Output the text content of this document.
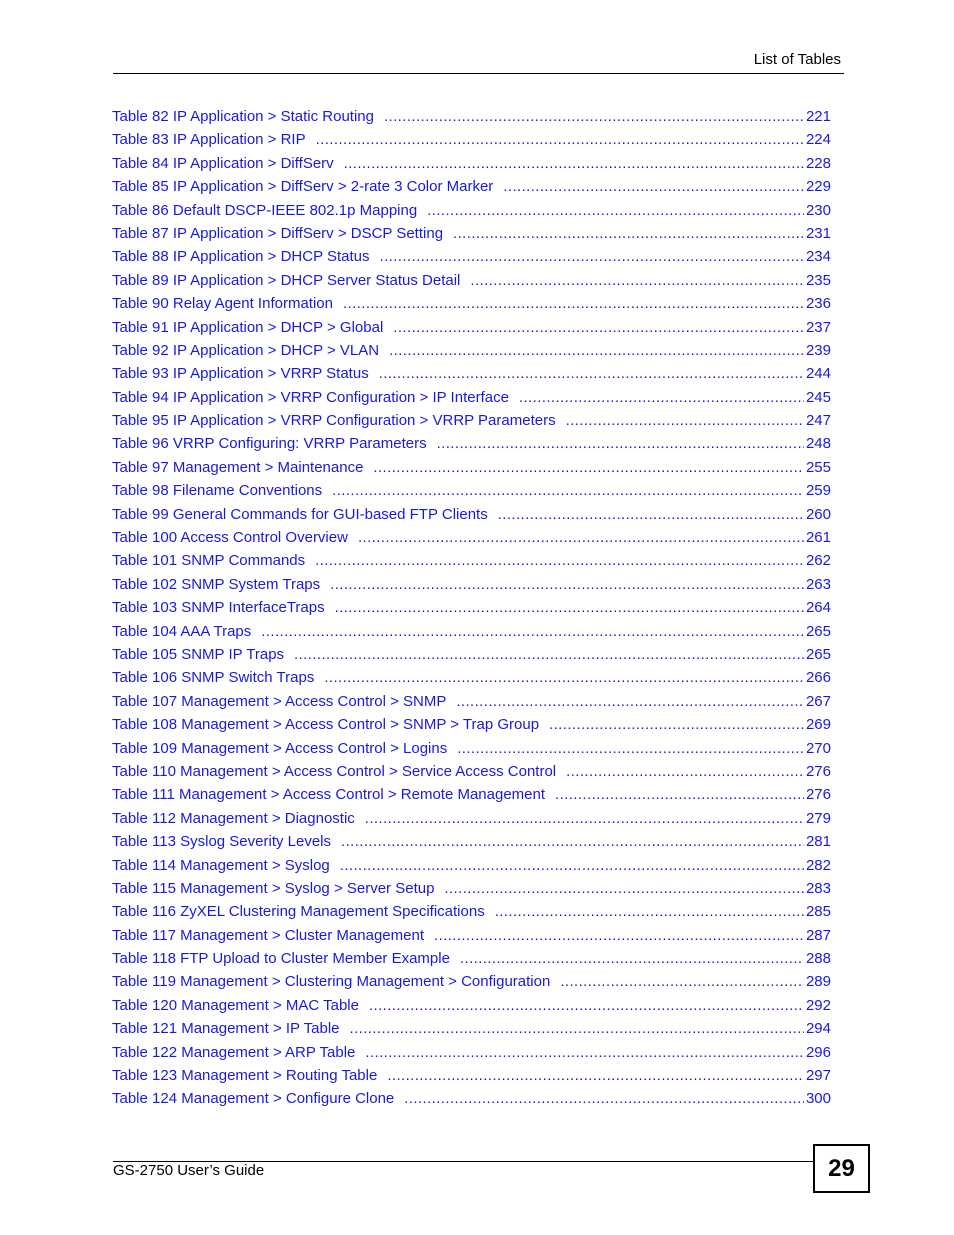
List of Tables
Table 82 IP Application > Static Routing .....	221
Table 83 IP Application > RIP .....	224
Table 84 IP Application > DiffServ .....	228
Table 85 IP Application > DiffServ > 2-rate 3 Color Marker .....	229
Table 86 Default DSCP-IEEE 802.1p Mapping .....	230
Table 87 IP Application > DiffServ > DSCP Setting .....	231
Table 88 IP Application > DHCP Status .....	234
Table 89 IP Application > DHCP Server Status Detail .....	235
Table 90 Relay Agent Information .....	236
Table 91 IP Application > DHCP > Global .....	237
Table 92 IP Application > DHCP > VLAN .....	239
Table 93 IP Application > VRRP Status .....	244
Table 94 IP Application > VRRP Configuration > IP Interface .....	245
Table 95 IP Application > VRRP Configuration > VRRP Parameters .....	247
Table 96 VRRP Configuring: VRRP Parameters .....	248
Table 97 Management > Maintenance .....	255
Table 98 Filename Conventions .....	259
Table 99 General Commands for GUI-based FTP Clients .....	260
Table 100 Access Control Overview .....	261
Table 101 SNMP Commands .....	262
Table 102 SNMP System Traps .....	263
Table 103 SNMP InterfaceTraps .....	264
Table 104 AAA Traps .....	265
Table 105 SNMP IP Traps .....	265
Table 106 SNMP Switch Traps .....	266
Table 107 Management > Access Control > SNMP .....	267
Table 108 Management > Access Control > SNMP > Trap Group .....	269
Table 109 Management > Access Control > Logins .....	270
Table 110 Management > Access Control > Service Access Control .....	276
Table 111 Management > Access Control > Remote Management .....	276
Table 112 Management > Diagnostic .....	279
Table 113 Syslog Severity Levels .....	281
Table 114 Management > Syslog .....	282
Table 115 Management > Syslog > Server Setup .....	283
Table 116 ZyXEL Clustering Management Specifications .....	285
Table 117 Management > Cluster Management .....	287
Table 118 FTP Upload to Cluster Member Example .....	288
Table 119 Management > Clustering Management > Configuration .....	289
Table 120 Management > MAC Table .....	292
Table 121 Management > IP Table .....	294
Table 122 Management > ARP Table .....	296
Table 123 Management > Routing Table .....	297
Table 124 Management > Configure Clone .....	300
GS-2750 User’s Guide	29
